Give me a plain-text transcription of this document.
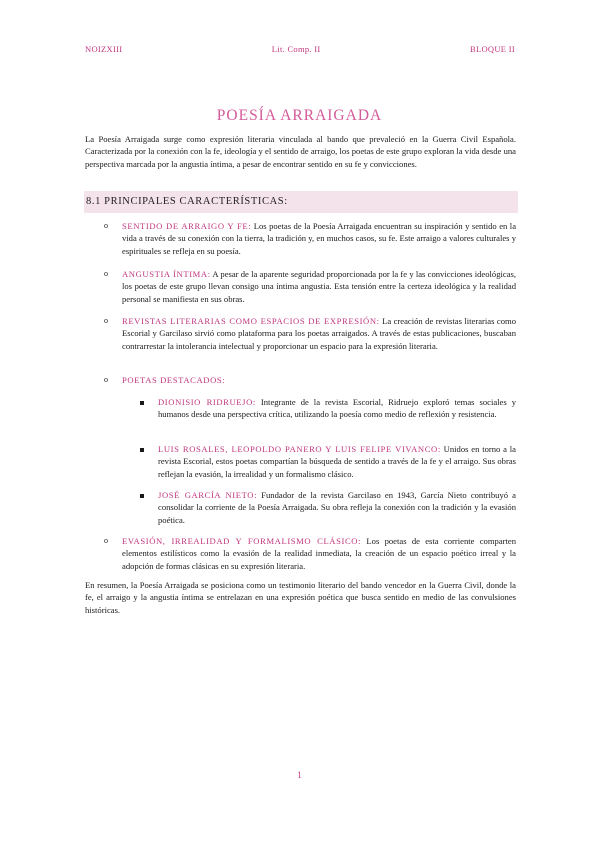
NOIZXIII	Lit. Comp. II	BLOQUE II
POESÍA ARRAIGADA
La Poesía Arraigada surge como expresión literaria vinculada al bando que prevaleció en la Guerra Civil Española. Caracterizada por la conexión con la fe, ideología y el sentido de arraigo, los poetas de este grupo exploran la vida desde una perspectiva marcada por la angustia íntima, a pesar de encontrar sentido en su fe y convicciones.
8.1 PRINCIPALES CARACTERÍSTICAS:
o SENTIDO DE ARRAIGO Y FE: Los poetas de la Poesía Arraigada encuentran su inspiración y sentido en la vida a través de su conexión con la tierra, la tradición y, en muchos casos, su fe. Este arraigo a valores culturales y espirituales se refleja en su poesía.
o ANGUSTIA ÍNTIMA: A pesar de la aparente seguridad proporcionada por la fe y las convicciones ideológicas, los poetas de este grupo llevan consigo una íntima angustia. Esta tensión entre la certeza ideológica y la realidad personal se manifiesta en sus obras.
o REVISTAS LITERARIAS COMO ESPACIOS DE EXPRESIÓN: La creación de revistas literarias como Escorial y Garcilaso sirvió como plataforma para los poetas arraigados. A través de estas publicaciones, buscaban contrarrestar la intolerancia intelectual y proporcionar un espacio para la expresión literaria.
o POETAS DESTACADOS:
DIONISIO RIDRUEJO: Integrante de la revista Escorial, Ridruejo exploró temas sociales y humanos desde una perspectiva crítica, utilizando la poesía como medio de reflexión y resistencia.
LUIS ROSALES, LEOPOLDO PANERO Y LUIS FELIPE VIVANCO: Unidos en torno a la revista Escorial, estos poetas compartían la búsqueda de sentido a través de la fe y el arraigo. Sus obras reflejan la evasión, la irrealidad y un formalismo clásico.
JOSÉ GARCÍA NIETO: Fundador de la revista Garcilaso en 1943, García Nieto contribuyó a consolidar la corriente de la Poesía Arraigada. Su obra refleja la conexión con la tradición y la evasión poética.
o EVASIÓN, IRREALIDAD Y FORMALISMO CLÁSICO: Los poetas de esta corriente comparten elementos estilísticos como la evasión de la realidad inmediata, la creación de un espacio poético irreal y la adopción de formas clásicas en su expresión literaria.
En resumen, la Poesía Arraigada se posiciona como un testimonio literario del bando vencedor en la Guerra Civil, donde la fe, el arraigo y la angustia íntima se entrelazan en una expresión poética que busca sentido en medio de las convulsiones históricas.
1
